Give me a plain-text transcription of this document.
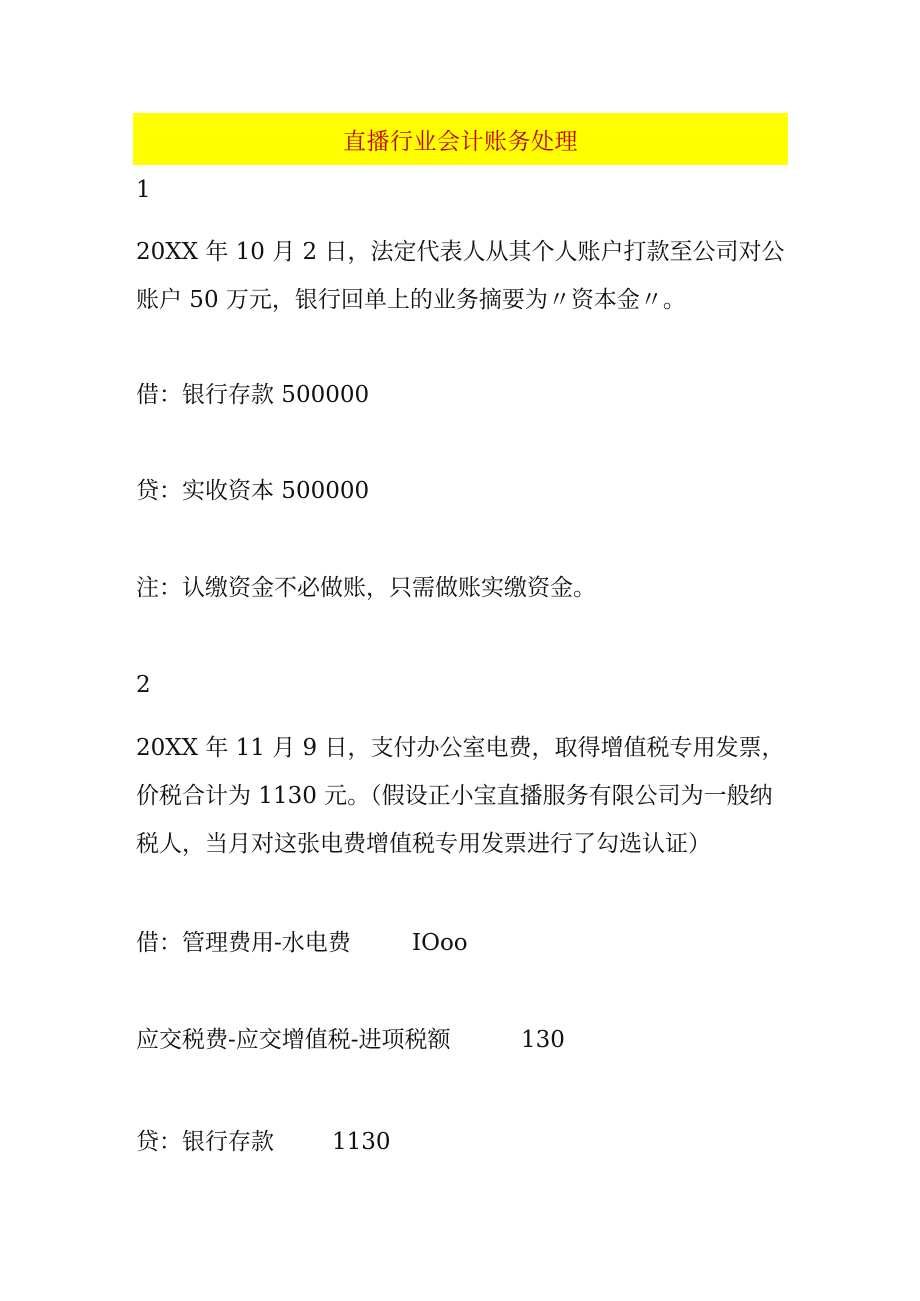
直播行业会计账务处理
1
20XX 年 10 月 2 日，法定代表人从其个人账户打款至公司对公
账户 50 万元，银行回单上的业务摘要为〃资本金〃。
借：银行存款 500000
贷：实收资本 500000
注：认缴资金不必做账，只需做账实缴资金。
2
20XX 年 11 月 9 日，支付办公室电费，取得增值税专用发票，
价税合计为 1130 元。（假设正小宝直播服务有限公司为一般纳
税人，当月对这张电费增值税专用发票进行了勾选认证）
借：管理费用-水电费	IOoo
应交税费-应交增值税-进项税额	130
贷：银行存款	1130
